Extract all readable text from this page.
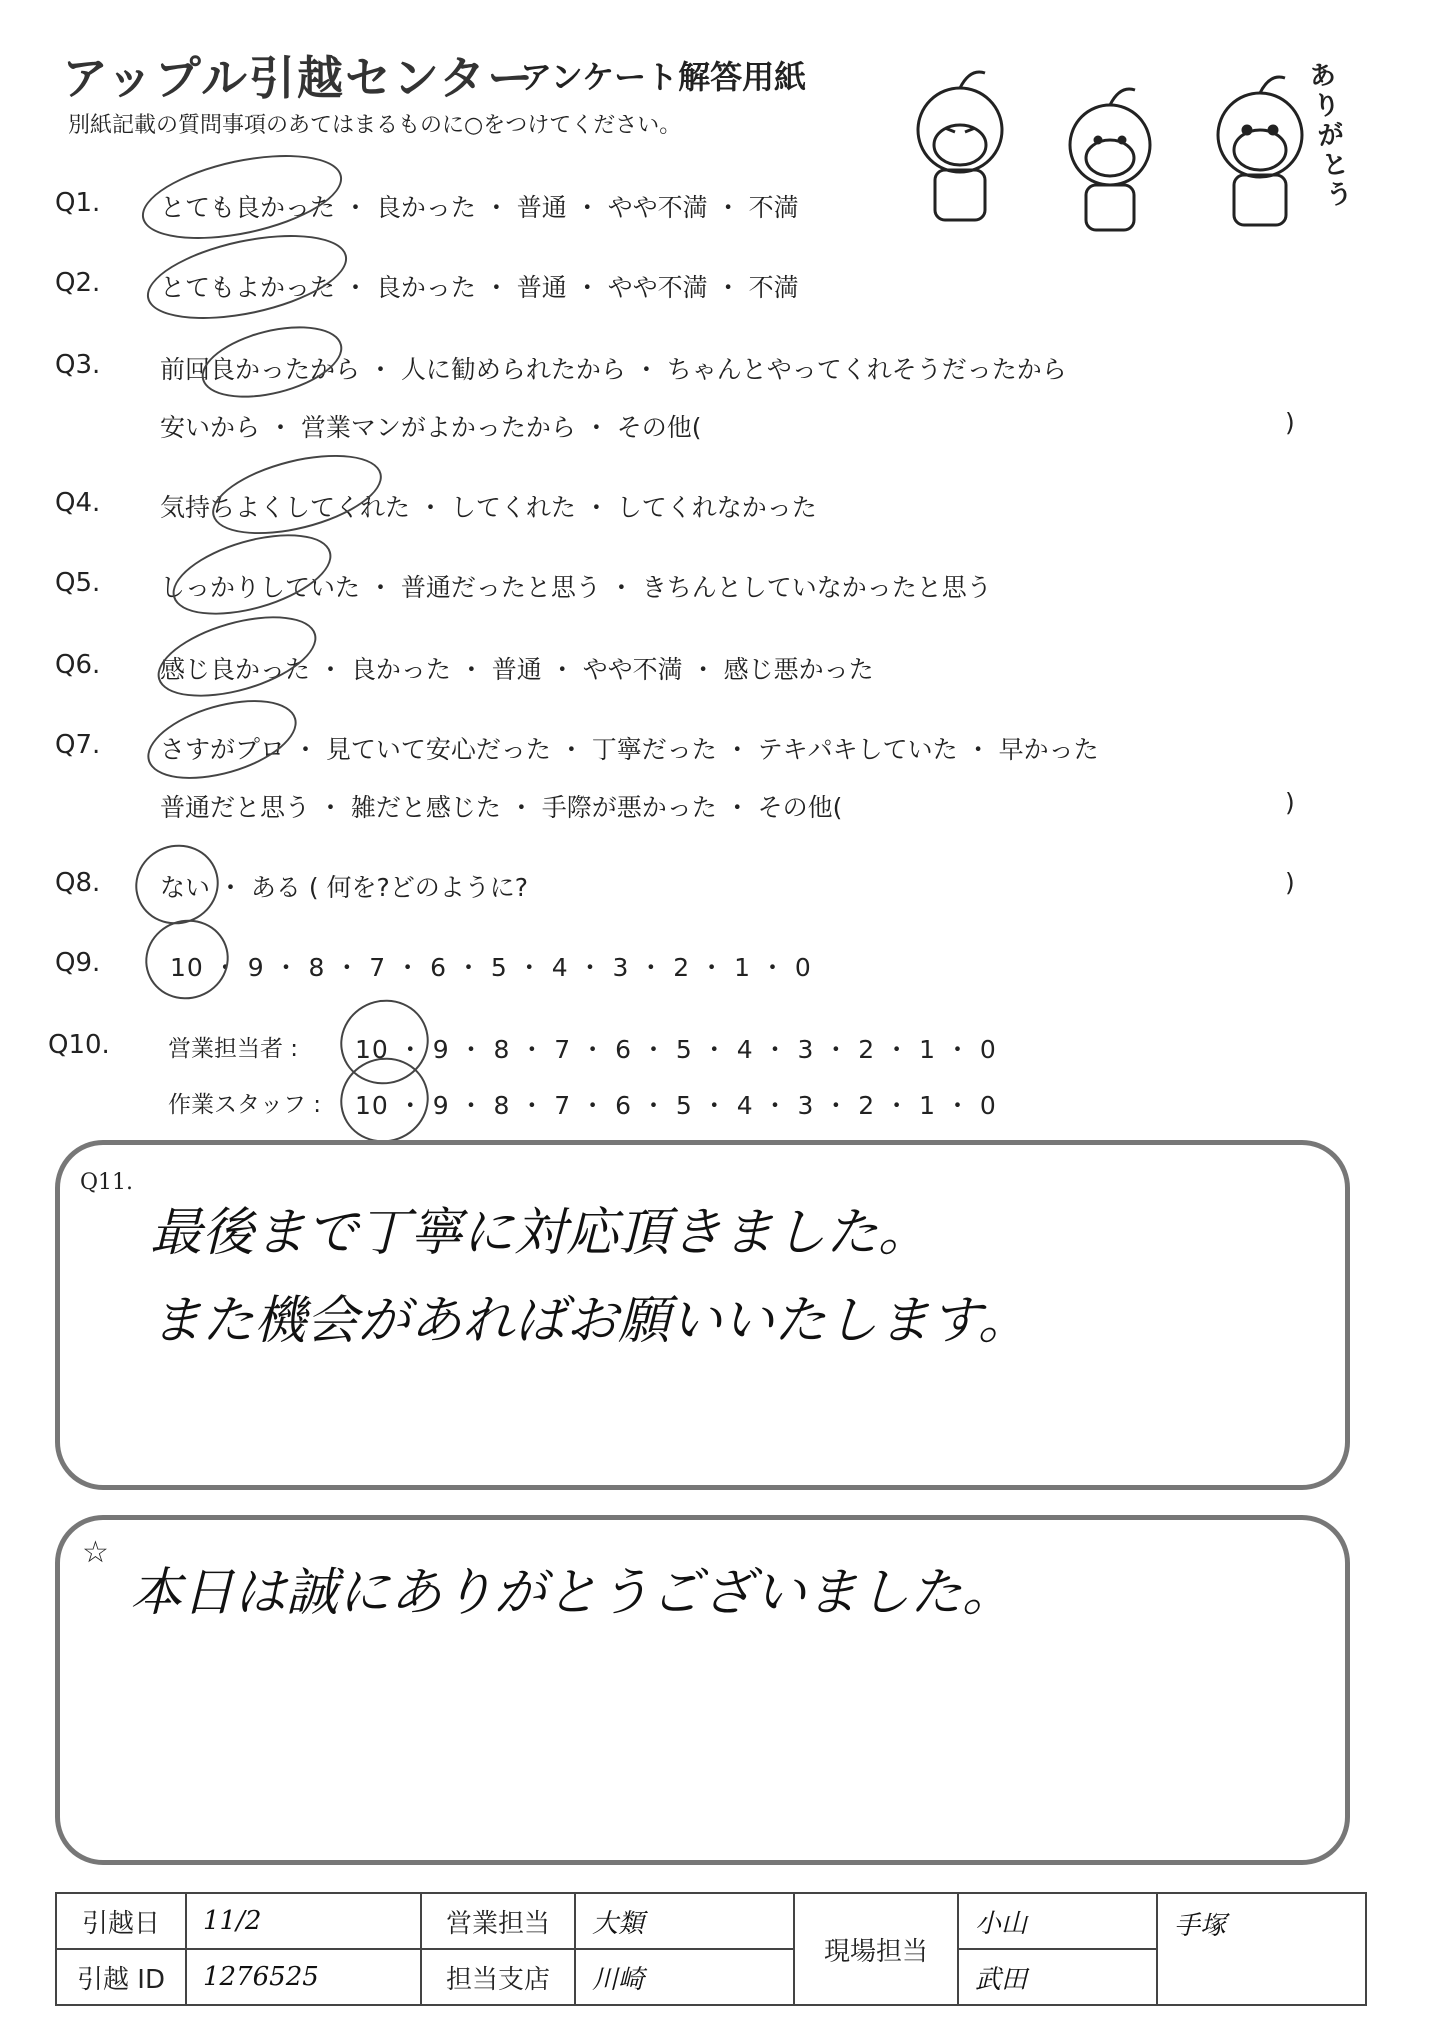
アップル引越センター
アンケート解答用紙
別紙記載の質問事項のあてはまるものに○をつけてください。
ありがとう
Q1. とても良かった ・ 良かった ・ 普通 ・ やや不満 ・ 不満
Q2. とてもよかった ・ 良かった ・ 普通 ・ やや不満 ・ 不満
Q3. 前回良かったから ・ 人に勧められたから ・ ちゃんとやってくれそうだったから
安いから ・ 営業マンがよかったから ・ その他(	)
Q4. 気持ちよくしてくれた ・ してくれた ・ してくれなかった
Q5. しっかりしていた ・ 普通だったと思う ・ きちんとしていなかったと思う
Q6. 感じ良かった ・ 良かった ・ 普通 ・ やや不満 ・ 感じ悪かった
Q7. さすがプロ ・ 見ていて安心だった ・ 丁寧だった ・ テキパキしていた ・ 早かった
普通だと思う ・ 雑だと感じた ・ 手際が悪かった ・ その他(	)
Q8. ない ・ ある ( 何を?どのように?	)
Q9.	10 ・ 9 ・ 8 ・ 7 ・ 6 ・ 5 ・ 4 ・ 3 ・ 2 ・ 1 ・ 0
Q10.	営業担当者 : 10 ・ 9 ・ 8 ・ 7 ・ 6 ・ 5 ・ 4 ・ 3 ・ 2 ・ 1 ・ 0
作業スタッフ : 10 ・ 9 ・ 8 ・ 7 ・ 6 ・ 5 ・ 4 ・ 3 ・ 2 ・ 1 ・ 0
Q11.
最後まで丁寧に対応頂きました。
また機会があればお願いいたします。
☆
本日は誠にありがとうございました。
引越日	11/2	営業担当	大類	現場担当	小山	手塚
引越 ID	1276525	担当支店	川崎		武田	
